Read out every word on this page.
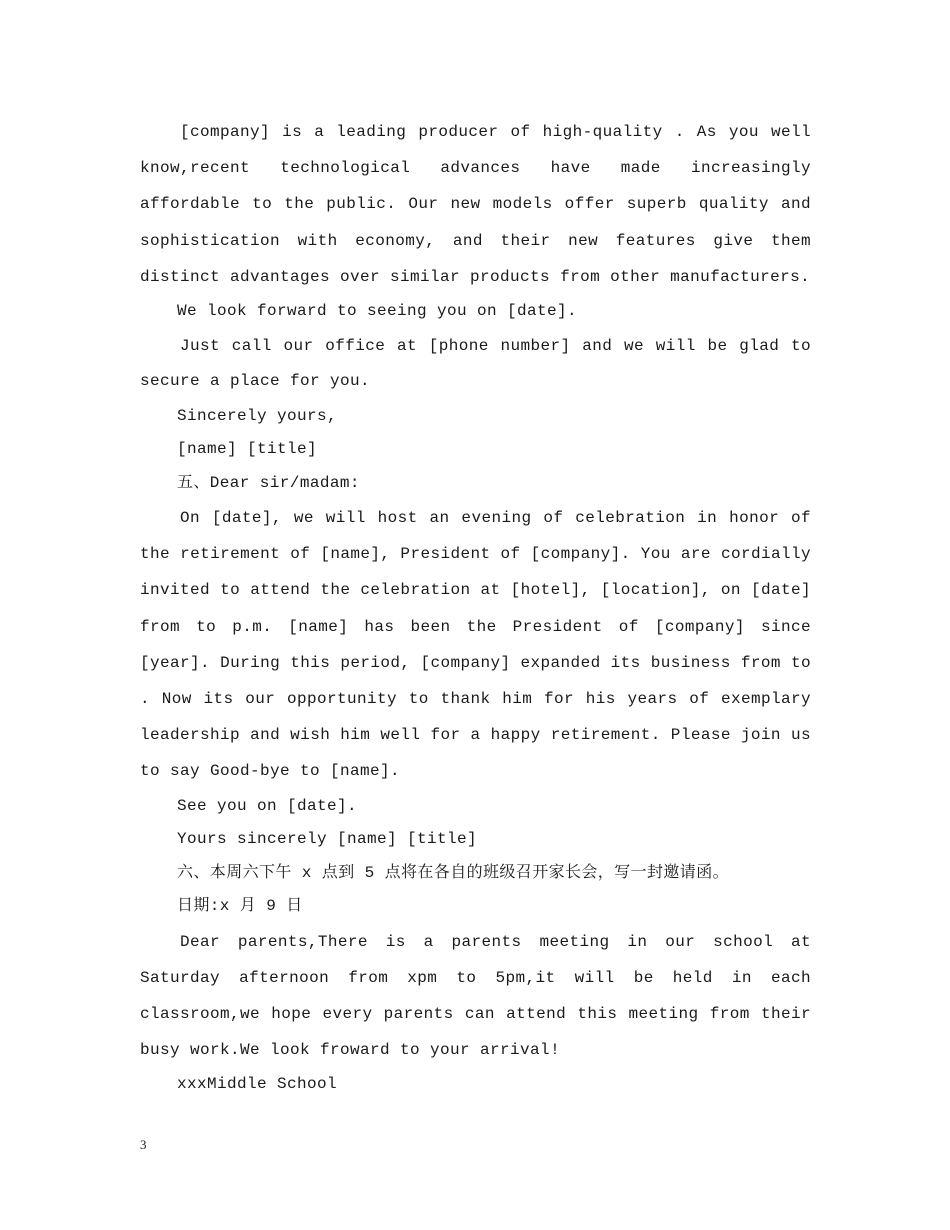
[company] is a leading producer of high-quality . As you well know,recent technological advances have made increasingly affordable to the public. Our new models offer superb quality and sophistication with economy, and their new features give them distinct advantages over similar products from other manufacturers.

We look forward to seeing you on [date].

Just call our office at [phone number] and we will be glad to secure a place for you.

Sincerely yours,

[name] [title]

五、Dear sir/madam:

On [date], we will host an evening of celebration in honor of the retirement of [name], President of [company]. You are cordially invited to attend the celebration at [hotel], [location], on [date] from to p.m. [name] has been the President of [company] since [year]. During this period, [company] expanded its business from to . Now its our opportunity to thank him for his years of exemplary leadership and wish him well for a happy retirement. Please join us to say Good-bye to [name].

See you on [date].

Yours sincerely [name] [title]

六、本周六下午 x 点到 5 点将在各自的班级召开家长会，写一封邀请函。

日期:x 月 9 日

Dear parents,There is a parents meeting in our school at Saturday afternoon from xpm to 5pm,it will be held in each classroom,we hope every parents can attend this meeting from their busy work.We look froward to your arrival!

xxxMiddle School

3
